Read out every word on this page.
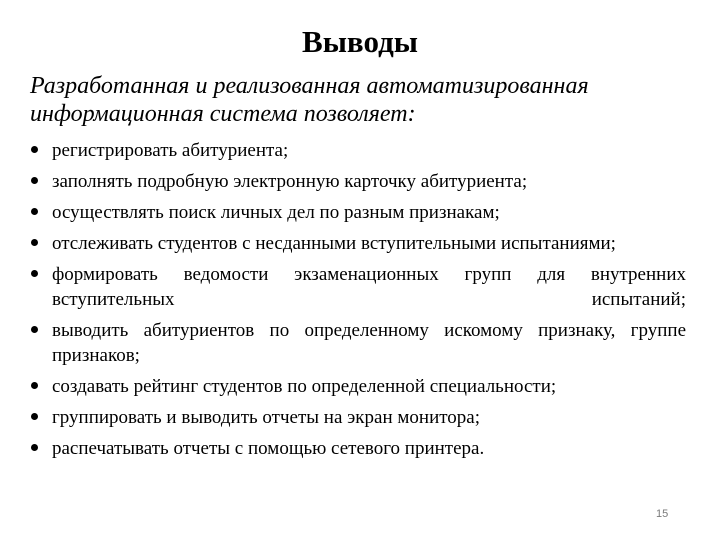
Выводы
Разработанная и реализованная автоматизированная информационная система позволяет:
регистрировать абитуриента;
заполнять подробную электронную карточку абитуриента;
осуществлять поиск личных дел по разным признакам;
отслеживать студентов с несданными вступительными испытаниями;
формировать ведомости экзаменационных групп для внутренних вступительных испытаний;
выводить абитуриентов по определенному искомому признаку, группе признаков;
создавать рейтинг студентов по определенной специальности;
группировать и выводить отчеты на экран монитора;
распечатывать отчеты с помощью сетевого принтера.
15
